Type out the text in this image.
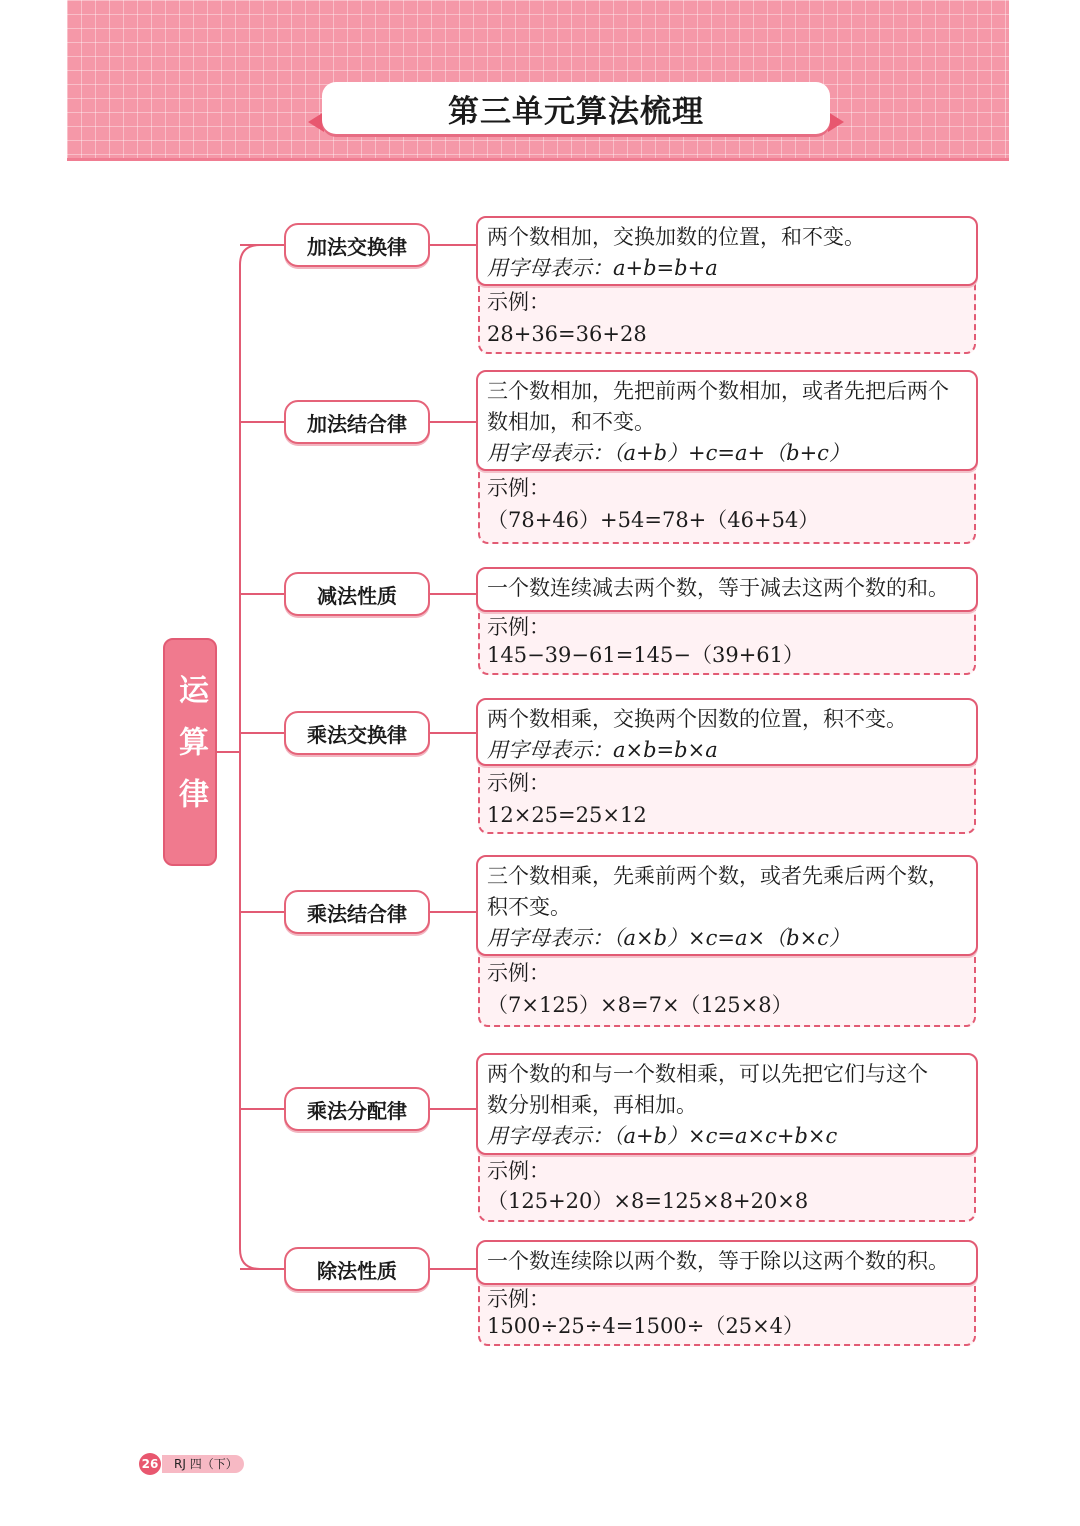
第三单元算法梳理
运算律
加法交换律	两个数相加，交换加数的位置，和不变。
用字母表示：a+b=b+a
示例：
28+36=36+28
加法结合律
三个数相加，先把前两个数相加，或者先把后两个
数相加，和不变。
用字母表示：（a+b）+c=a+（b+c）
示例：
（78+46）+54=78+（46+54）
减法性质	一个数连续减去两个数，等于减去这两个数的和。
示例：
145−39−61=145−（39+61）
乘法交换律
两个数相乘，交换两个因数的位置，积不变。
用字母表示：a×b=b×a
示例：
12×25=25×12
乘法结合律
三个数相乘，先乘前两个数，或者先乘后两个数，
积不变。
用字母表示：（a×b）×c=a×（b×c）
示例：
（7×125）×8=7×（125×8）
乘法分配律
两个数的和与一个数相乘，可以先把它们与这个
数分别相乘，再相加。
用字母表示：（a+b）×c=a×c+b×c
示例：
（125+20）×8=125×8+20×8
除法性质	一个数连续除以两个数，等于除以这两个数的积。
示例：
1500÷25÷4=1500÷（25×4）
26	RJ 四（下）
